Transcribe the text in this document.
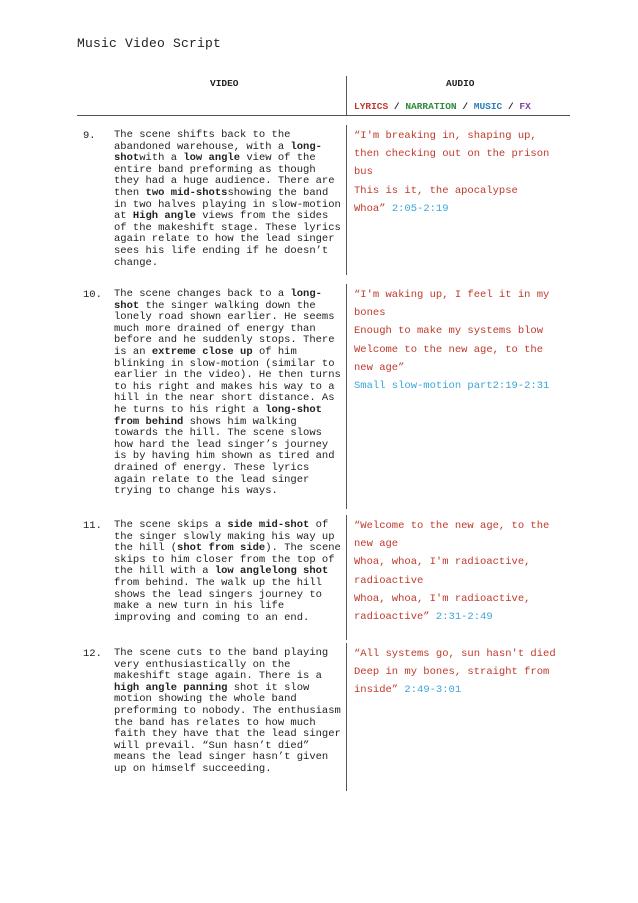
Music Video Script
VIDEO	AUDIO
LYRICS / NARRATION / MUSIC / FX
9. The scene shifts back to the abandoned warehouse, with a long-shotwith a low angle view of the entire band preforming as though they had a huge audience. There are then two mid-shotsshowing the band in two halves playing in slow-motion at High angle views from the sides of the makeshift stage. These lyrics again relate to how the lead singer sees his life ending if he doesn’t change.
“I'm breaking in, shaping up,
then checking out on the prison
bus
This is it, the apocalypse
Whoa” 2:05-2:19
10. The scene changes back to a long-shot the singer walking down the lonely road shown earlier. He seems much more drained of energy than before and he suddenly stops. There is an extreme close up of him blinking in slow-motion (similar to earlier in the video). He then turns to his right and makes his way to a hill in the near short distance. As he turns to his right a long-shot from behind shows him walking towards the hill. The scene slows how hard the lead singer’s journey is by having him shown as tired and drained of energy. These lyrics again relate to the lead singer trying to change his ways.
“I'm waking up, I feel it in my
bones
Enough to make my systems blow
Welcome to the new age, to the
new age”
Small slow-motion part2:19-2:31
11. The scene skips a side mid-shot of the singer slowly making his way up the hill (shot from side). The scene skips to him closer from the top of the hill with a low anglelong shot from behind. The walk up the hill shows the lead singers journey to make a new turn in his life improving and coming to an end.
“Welcome to the new age, to the
new age
Whoa, whoa, I'm radioactive,
radioactive
Whoa, whoa, I'm radioactive,
radioactive” 2:31-2:49
12. The scene cuts to the band playing very enthusiastically on the makeshift stage again. There is a high angle panning shot it slow motion showing the whole band preforming to nobody. The enthusiasm the band has relates to how much faith they have that the lead singer will prevail. “Sun hasn’t died” means the lead singer hasn’t given up on himself succeeding.
“All systems go, sun hasn't died
Deep in my bones, straight from
inside” 2:49-3:01
